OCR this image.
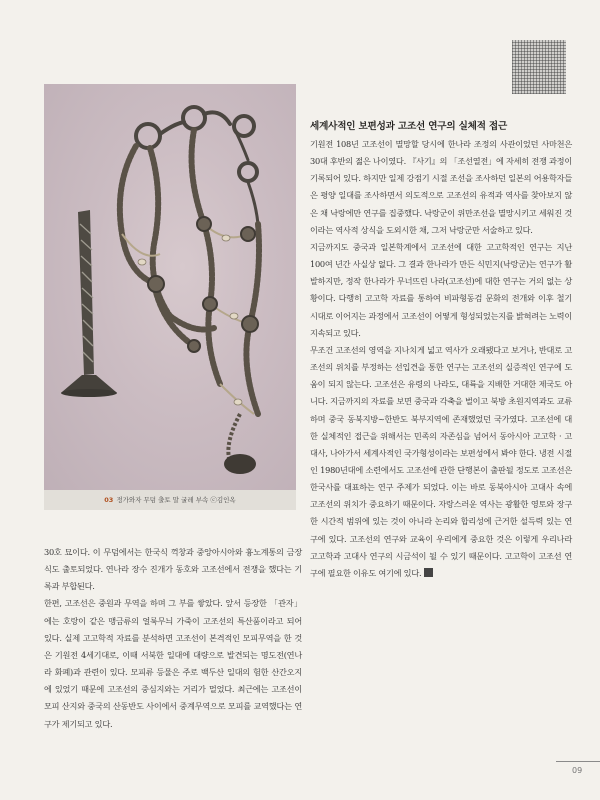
03 정가와자 무덤 출토 말 굴레 부속 ⓒ김인옥
세계사적인 보편성과 고조선 연구의 실체적 접근

기원전 108년 고조선이 멸망할 당시에 한나라 조정의 사관이었던 사마천은 30대 후반의 젊은 나이였다. 『사기』의 「조선열전」에 자세히 전쟁 과정이 기록되어 있다. 하지만 일제 강점기 시절 조선을 조사하던 일본의 어용학자들은 평양 일대를 조사하면서 의도적으로 고조선의 유적과 역사를 찾아보지 않은 채 낙랑에만 연구를 집중했다. 낙랑군이 위만조선을 멸망시키고 세워진 것이라는 역사적 상식을 도외시한 채, 그저 낙랑군만 서술하고 있다.

지금까지도 중국과 일본학계에서 고조선에 대한 고고학적인 연구는 지난 100여 년간 사실상 없다. 그 결과 한나라가 만든 식민지(낙랑군)는 연구가 활발하지만, 정작 한나라가 무너뜨린 나라(고조선)에 대한 연구는 거의 없는 상황이다. 다행히 고고학 자료를 통하여 비파형동검 문화의 전개와 이후 철기 시대로 이어지는 과정에서 고조선이 어떻게 형성되었는지를 밝혀려는 노력이 지속되고 있다.

무조건 고조선의 영역을 지나치게 넓고 역사가 오래됐다고 보거나, 반대로 고조선의 위치를 부정하는 선입견을 통한 연구는 고조선의 실증적인 연구에 도움이 되지 않는다. 고조선은 유령의 나라도, 대륙을 지배한 거대한 제국도 아니다. 지금까지의 자료를 보면 중국과 각축을 벌이고 북방 초원지역과도 교류하며 중국 동북지방~한반도 북부지역에 존재했었던 국가였다. 고조선에 대한 실체적인 접근을 위해서는 민족의 자존심을 넘어서 동아시아 고고학 · 고대사, 나아가서 세계사적인 국가형성이라는 보편성에서 봐야 한다. 냉전 시절인 1980년대에 소련에서도 고조선에 관한 단행본이 출판될 정도로 고조선은 한국사를 대표하는 연구 주제가 되었다. 이는 바로 동북아시아 고대사 속에 고조선의 위치가 중요하기 때문이다. 자랑스러운 역사는 광활한 영토와 장구한 시간적 범위에 있는 것이 아니라 논리와 합리성에 근거한 설득력 있는 연구에 있다. 고조선의 연구와 교육이 우리에게 중요한 것은 이렇게 우리나라 고고학과 고대사 연구의 시금석이 될 수 있기 때문이다. 고고학이 고조선 연구에 필요한 이유도 여기에 있다.

30호 묘이다. 이 무덤에서는 한국식 꺽창과 중앙아시아와 흉노계통의 금장식도 출토되었다. 연나라 장수 진개가 동호와 고조선에서 전쟁을 했다는 기록과 부합된다.

한편, 고조선은 중원과 무역을 하며 그 부를 쌓았다. 앞서 등장한 「관자」에는 호랑이 같은 맹금류의 얼룩무늬 가죽이 고조선의 특산품이라고 되어 있다. 실제 고고학적 자료를 분석하면 고조선이 본격적인 모피무역을 한 것은 기원전 4세기대로, 이때 서북한 일대에 대량으로 발견되는 명도전(연나라 화폐)과 관련이 있다. 모피류 등물은 주로 백두산 일대의 험한 산간오지에 있었기 때문에 고조선의 중심지와는 거리가 멀었다. 최근에는 고조선이 모피 산지와 중국의 산동반도 사이에서 중계무역으로 모피를 교역했다는 연구가 제기되고 있다.

09
